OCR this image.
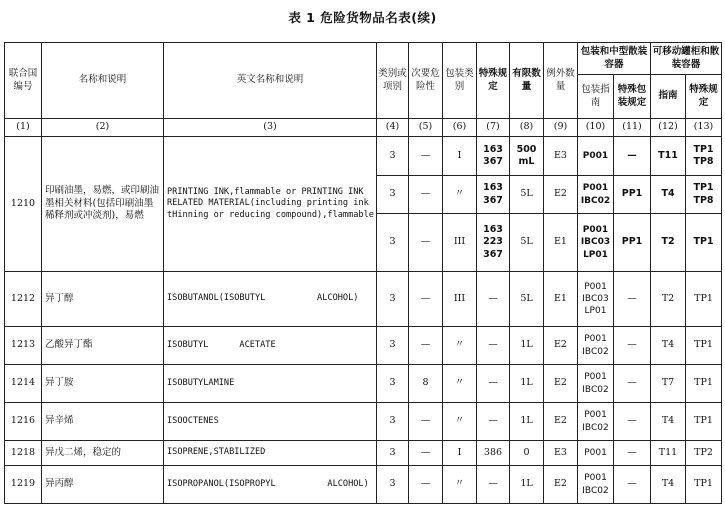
表 1 危险货物品名表(续)
联合国编号	名称和说明	英文名称和说明	类别或项别	次要危险性	包装类别	特殊规定	有限数量	例外数量	包装和中型散装容器		可移动罐柜和散装容器	
									包装指南	特殊包装规定	指南	特殊规定
(1)	(2)	(3)	(4)	(5)	(6)	(7)	(8)	(9)	(10)	(11)	(12)	(13)
1210	印刷油墨，易燃，或印刷油墨相关材料(包括印刷油墨稀释剂或冲淡剂)，易燃	PRINTING INK,flammable or PRINTING INK RELATED MATERIAL(including printing ink tHinning or reducing compound),flammable	3	—	I	163
367	500
mL	E3	P001	—	T11	TP1
TP8
			3	—	〃	163
367	5L	E2	P001
IBC02	PP1	T4	TP1
TP8
			3	—	III	163
223
367	5L	E1	P001
IBC03
LP01	PP1	T2	TP1
1212	异丁醇	ISOBUTANOL(ISOBUTYL          ALCOHOL)	3	—	III	—	5L	E1	P001
IBC03
LP01	—	T2	TP1
1213	乙酸异丁酯	ISOBUTYL      ACETATE	3	—	〃	—	1L	E2	P001
IBC02	—	T4	TP1
1214	异丁胺	ISOBUTYLAMINE	3	8	〃	—	1L	E2	P001
IBC02	—	T7	TP1
1216	异辛烯	ISOOCTENES	3	—	〃	—	1L	E2	P001
IBC02	—	T4	TP1
1218	异戊二烯，稳定的	ISOPRENE,STABILIZED	3	—	I	386	0	E3	P001	—	T11	TP2
1219	异丙醇	ISOPROPANOL(ISOPROPYL          ALCOHOL)	3	—	〃	—	1L	E2	P001
IBC02	—	T4	TP1
